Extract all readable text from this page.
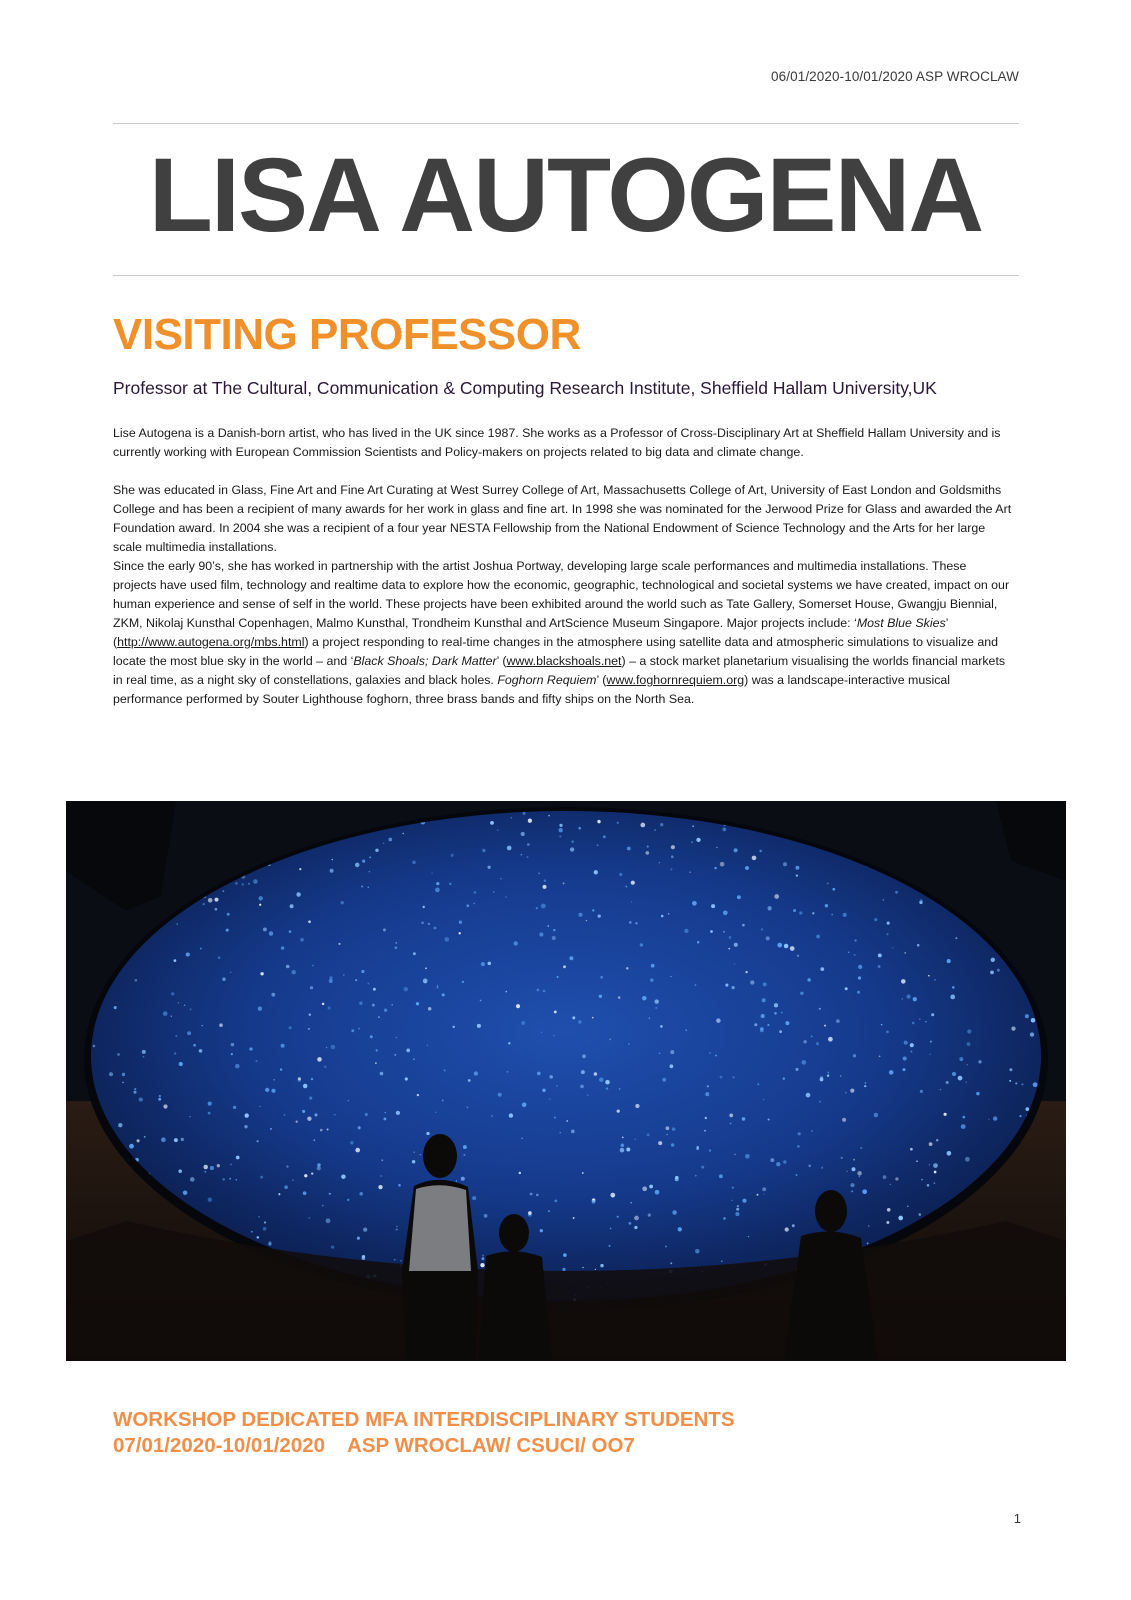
06/01/2020-10/01/2020 ASP WROCLAW
LISA AUTOGENA
VISITING PROFESSOR
Professor at The Cultural, Communication & Computing Research Institute, Sheffield Hallam University,UK

Lise Autogena is a Danish-born artist, who has lived in the UK since 1987. She works as a Professor of Cross-Disciplinary Art at Sheffield Hallam University and is currently working with European Commission Scientists and Policy-makers on projects related to big data and climate change.

She was educated in Glass, Fine Art and Fine Art Curating at West Surrey College of Art, Massachusetts College of Art, University of East London and Goldsmiths College and has been a recipient of many awards for her work in glass and fine art. In 1998 she was nominated for the Jerwood Prize for Glass and awarded the Art Foundation award. In 2004 she was a recipient of a four year NESTA Fellowship from the National Endowment of Science Technology and the Arts for her large scale multimedia installations.

Since the early 90’s, she has worked in partnership with the artist Joshua Portway, developing large scale performances and multimedia installations. These projects have used film, technology and realtime data to explore how the economic, geographic, technological and societal systems we have created, impact on our human experience and sense of self in the world. These projects have been exhibited around the world such as Tate Gallery, Somerset House, Gwangju Biennial, ZKM, Nikolaj Kunsthal Copenhagen, Malmo Kunsthal, Trondheim Kunsthal and ArtScience Museum Singapore. Major projects include: ‘Most Blue Skies’ (http://www.autogena.org/mbs.html) a project responding to real-time changes in the atmosphere using satellite data and atmospheric simulations to visualize and locate the most blue sky in the world – and ‘Black Shoals; Dark Matter’ (www.blackshoals.net) – a stock market planetarium visualising the worlds financial markets in real time, as a night sky of constellations, galaxies and black holes. Foghorn Requiem’ (www.foghornrequiem.org) was a landscape-interactive musical performance performed by Souter Lighthouse foghorn, three brass bands and fifty ships on the North Sea.

WORKSHOP DEDICATED MFA INTERDISCIPLINARY STUDENTS
07/01/2020-10/01/2020 ASP WROCLAW/ CSUCI/ OO7
1
